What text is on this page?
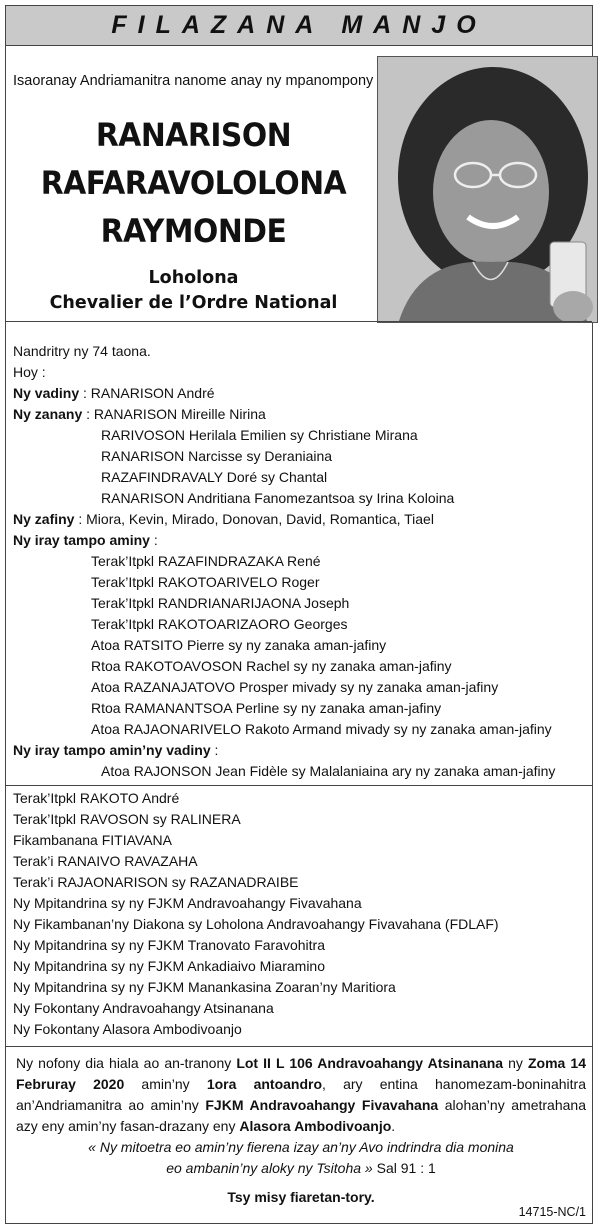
FILAZANA MANJO
Isaoranay Andriamanitra nanome anay ny mpanompony
RANARISON
RAFARAVOLOLONA
RAYMONDE
Loholona
Chevalier de l’Ordre National
Nandritry ny 74 taona.
Hoy :
Ny vadiny : RANARISON André
Ny zanany : RANARISON Mireille Nirina
RARIVOSON Herilala Emilien sy Christiane Mirana
RANARISON Narcisse sy Deraniaina
RAZAFINDRAVALY Doré sy Chantal
RANARISON Andritiana Fanomezantsoa sy Irina Koloina
Ny zafiny : Miora, Kevin, Mirado, Donovan, David, Romantica, Tiael
Ny iray tampo aminy :
Terak’Itpkl RAZAFINDRAZAKA René
Terak’Itpkl RAKOTOARIVELO Roger
Terak’Itpkl RANDRIANARIJAONA Joseph
Terak’Itpkl RAKOTOARIZAORO Georges
Atoa RATSITO Pierre sy ny zanaka aman-jafiny
Rtoa RAKOTOAVOSON Rachel sy ny zanaka aman-jafiny
Atoa RAZANAJATOVO Prosper mivady sy ny zanaka aman-jafiny
Rtoa RAMANANTSOA Perline sy ny zanaka aman-jafiny
Atoa RAJAONARIVELO Rakoto Armand mivady sy ny zanaka aman-jafiny
Ny iray tampo amin’ny vadiny :
Atoa RAJONSON Jean Fidèle sy Malalaniaina ary ny zanaka aman-jafiny
Terak’Itpkl RAKOTO André
Terak’Itpkl RAVOSON sy RALINERA
Fikambanana FITIAVANA
Terak’i RANAIVO RAVAZAHA
Terak’i RAJAONARISON sy RAZANADRAIBE
Ny Mpitandrina sy ny FJKM Andravoahangy Fivavahana
Ny Fikambanan’ny Diakona sy Loholona Andravoahangy Fivavahana (FDLAF)
Ny Mpitandrina sy ny FJKM Tranovato Faravohitra
Ny Mpitandrina sy ny FJKM Ankadiaivo Miaramino
Ny Mpitandrina sy ny FJKM Manankasina Zoaran’ny Maritiora
Ny Fokontany Andravoahangy Atsinanana
Ny Fokontany Alasora Ambodivoanjo
Ny nofony dia hiala ao an-tranony Lot II L 106 Andravoahangy Atsinanana ny Zoma 14 Februray 2020 amin’ny 1ora antoandro, ary entina hanomezam-boninahitra an’Andriamanitra ao amin’ny FJKM Andravoahangy Fivavahana alohan’ny ametrahana azy eny amin’ny fasan-drazany eny Alasora Ambodivoanjo.
« Ny mitoetra eo amin’ny fierena izay an’ny Avo indrindra dia monina
eo ambanin’ny aloky ny Tsitoha » Sal 91 : 1
Tsy misy fiaretan-tory.
14715-NC/1
